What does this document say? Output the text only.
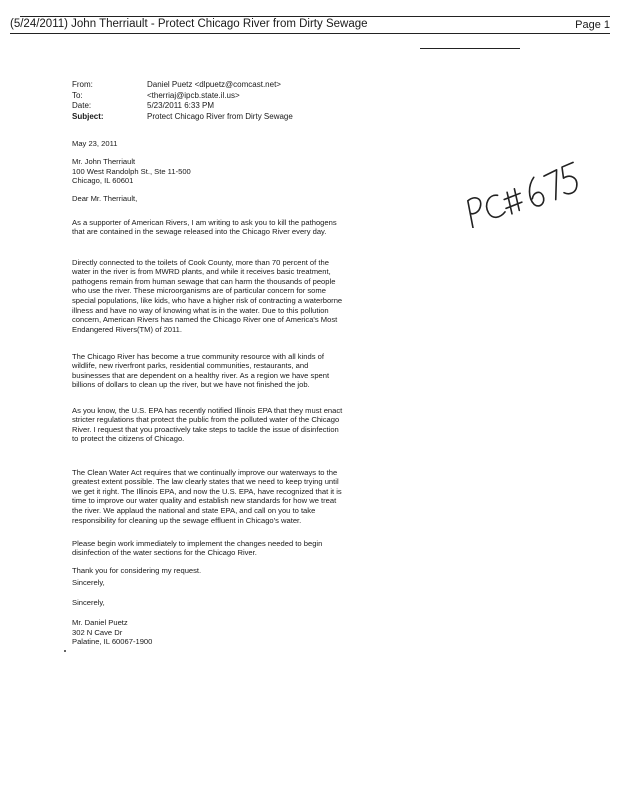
(5/24/2011) John Therriault - Protect Chicago River from Dirty Sewage	Page 1
From:	Daniel Puetz <dlpuetz@comcast.net>
To:	<therriaj@ipcb.state.il.us>
Date:	5/23/2011 6:33 PM
Subject:	Protect Chicago River from Dirty Sewage
May 23, 2011
Mr. John Therriault
100 West Randolph St., Ste 11-500
Chicago, IL 60601
Dear Mr. Therriault,

As a supporter of American Rivers, I am writing to ask you to kill the pathogens that are contained in the sewage released into the Chicago River every day.

Directly connected to the toilets of Cook County, more than 70 percent of the water in the river is from MWRD plants, and while it receives basic treatment, pathogens remain from human sewage that can harm the thousands of people who use the river. These microorganisms are of particular concern for some special populations, like kids, who have a higher risk of contracting a waterborne illness and have no way of knowing what is in the water. Due to this pollution concern, American Rivers has named the Chicago River one of America's Most Endangered Rivers(TM) of 2011.

The Chicago River has become a true community resource with all kinds of wildlife, new riverfront parks, residential communities, restaurants, and businesses that are dependent on a healthy river. As a region we have spent billions of dollars to clean up the river, but we have not finished the job.

As you know, the U.S. EPA has recently notified Illinois EPA that they must enact stricter regulations that protect the public from the polluted water of the Chicago River. I request that you proactively take steps to tackle the issue of disinfection to protect the citizens of Chicago.

The Clean Water Act requires that we continually improve our waterways to the greatest extent possible. The law clearly states that we need to keep trying until we get it right. The Illinois EPA, and now the U.S. EPA, have recognized that it is time to improve our water quality and establish new standards for how we treat the river. We applaud the national and state EPA, and call on you to take responsibility for cleaning up the sewage effluent in Chicago's water.

Please begin work immediately to implement the changes needed to begin disinfection of the water sections for the Chicago River.

Thank you for considering my request.

Sincerely,
Sincerely,
Mr. Daniel Puetz
302 N Cave Dr
Palatine, IL 60067-1900
